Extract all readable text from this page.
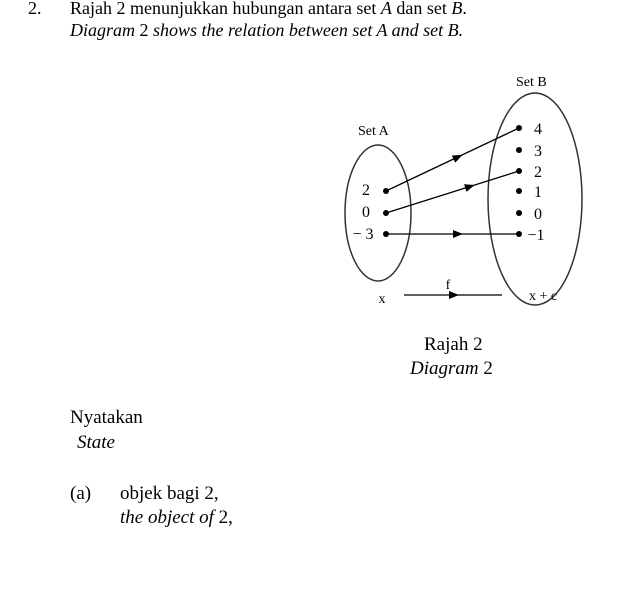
2. Rajah 2 menunjukkan hubungan antara set A dan set B.
Diagram 2 shows the relation between set A and set B.
Set A
Set B
2
0
− 3
4
3
2
1
0
−1
x
f
x + c
Rajah 2
Diagram 2
Nyatakan
State
(a) objek bagi 2,
the object of 2,
